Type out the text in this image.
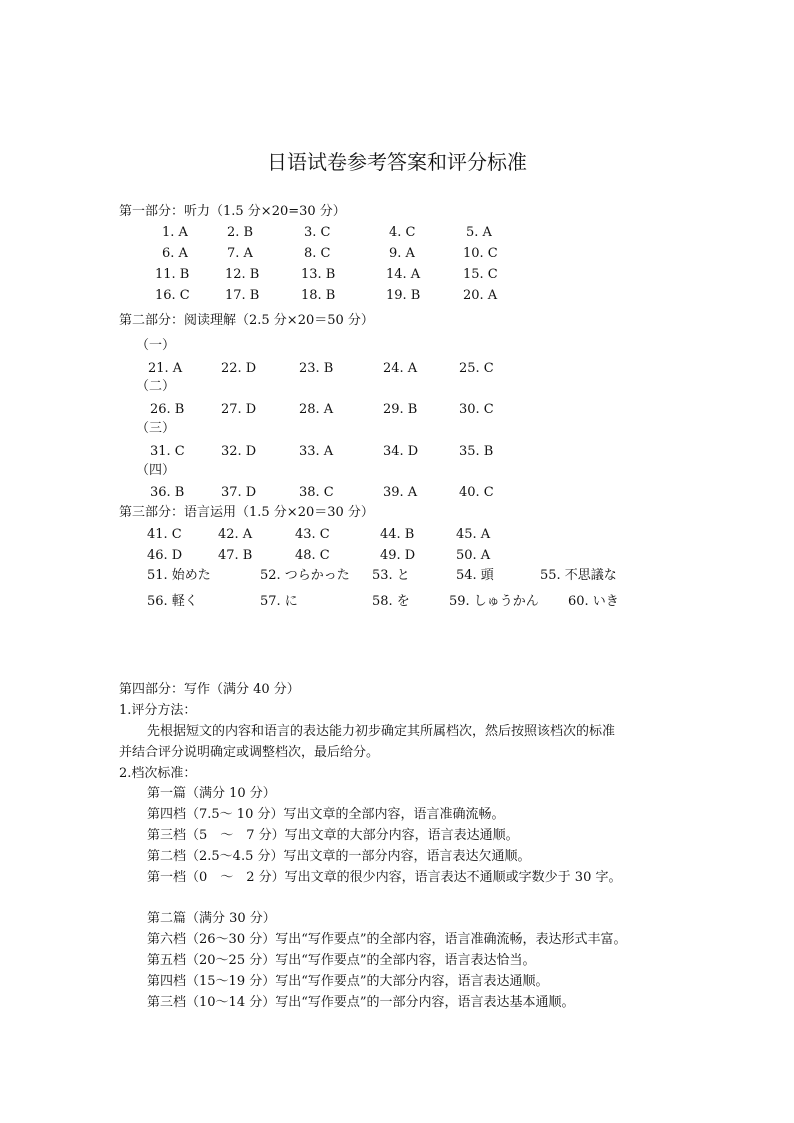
日语试卷参考答案和评分标准
第一部分：听力（1.5 分×20=30 分）
1. A	2. B	3. C	4. C	5. A
6. A	7. A	8. C	9. A	10. C
11. B	12. B	13. B	14. A	15. C
16. C	17. B	18. B	19. B	20. A
第二部分：阅读理解（2.5 分×20＝50 分）
（一）
21. A	22. D	23. B	24. A	25. C
（二）
26. B	27. D	28. A	29. B	30. C
（三）
31. C	32. D	33. A	34. D	35. B
（四）
36. B	37. D	38. C	39. A	40. C
第三部分：语言运用（1.5 分×20＝30 分）
41. C	42. A	43. C	44. B	45. A
46. D	47. B	48. C	49. D	50. A
51. 始めた	52. つらかった 53. と	54. 頭	55. 不思議な
56. 軽く	57. に	58. を	59. しゅうかん 60. いき
第四部分：写作（满分 40 分）
1.评分方法：
先根据短文的内容和语言的表达能力初步确定其所属档次，然后按照该档次的标准
并结合评分说明确定或调整档次，最后给分。
2.档次标准：
第一篇（满分 10 分）
第四档（7.5～ 10 分）写出文章的全部内容，语言准确流畅。
第三档（5　～　7 分）写出文章的大部分内容，语言表达通顺。
第二档（2.5～4.5 分）写出文章的一部分内容，语言表达欠通顺。
第一档（0　～　2 分）写出文章的很少内容，语言表达不通顺或字数少于 30 字。
第二篇（满分 30 分）
第六档（26～30 分）写出“写作要点”的全部内容，语言准确流畅，表达形式丰富。
第五档（20～25 分）写出“写作要点”的全部内容，语言表达恰当。
第四档（15～19 分）写出“写作要点”的大部分内容，语言表达通顺。
第三档（10～14 分）写出“写作要点”的一部分内容，语言表达基本通顺。
